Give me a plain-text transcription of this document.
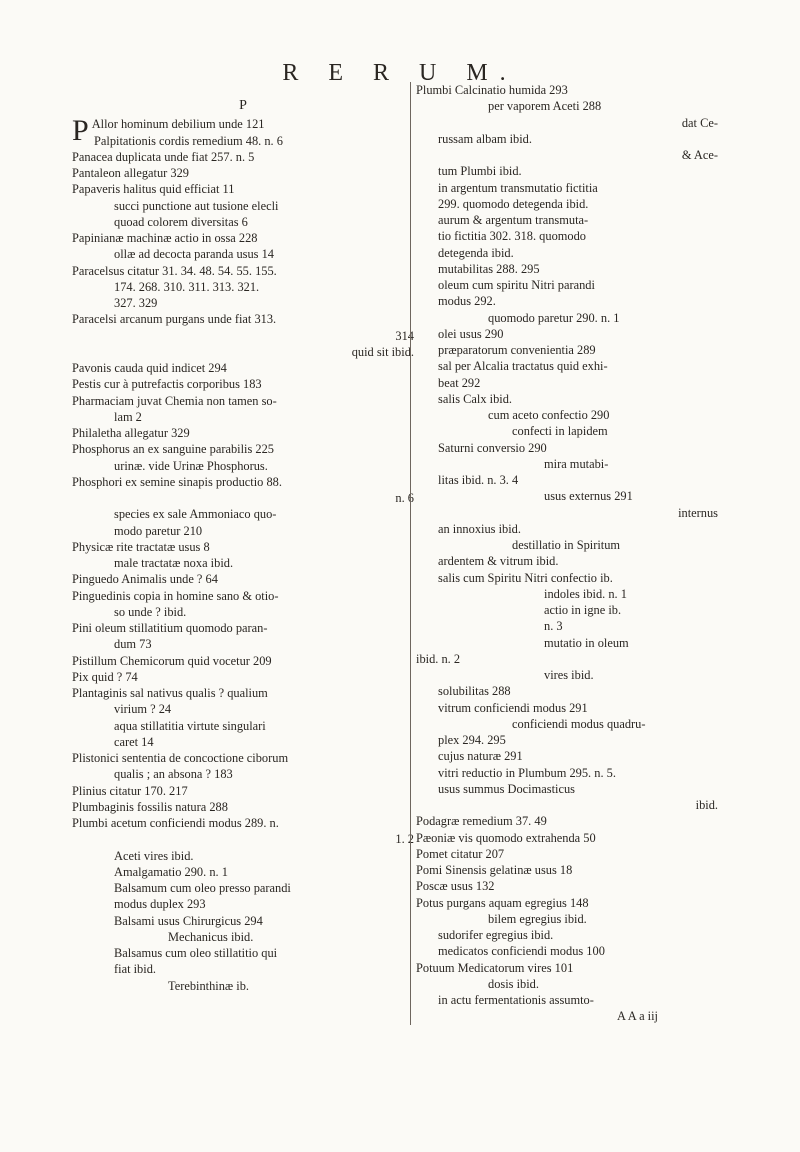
R E R U M.
P
P Allor hominum debilium unde 121
Palpitationis cordis remedium 48. n. 6
Panacea duplicata unde fiat 257. n. 5
Pantaleon allegatur 329
Papaveris halitus quid efficiat 11
succi punctione aut tusione elecli
quoad colorem diversitas 6
Papinianæ machinæ actio in ossa 228
ollæ ad decocta paranda usus 14
Paracelsus citatur 31. 34. 48. 54. 55. 155.
174. 268. 310. 311. 313. 321.
327. 329
Paracelsi arcanum purgans unde fiat 313.
314
quid sit ibid.
Pavonis cauda quid indicet 294
Pestis cur à putrefactis corporibus 183
Pharmaciam juvat Chemia non tamen so-
lam 2
Philaletha allegatur 329
Phosphorus an ex sanguine parabilis 225
urinæ. vide Urinæ Phosphorus.
Phosphori ex semine sinapis productio 88.
n. 6
species ex sale Ammoniaco quo-
modo paretur 210
Physicæ rite tractatæ usus 8
male tractatæ noxa ibid.
Pinguedo Animalis unde ? 64
Pinguedinis copia in homine sano & otio-
so unde ? ibid.
Pini oleum stillatitium quomodo paran-
dum 73
Pistillum Chemicorum quid vocetur 209
Pix quid ? 74
Plantaginis sal nativus qualis ? qualium
virium ? 24
aqua stillatitia virtute singulari
caret 14
Plistonici sententia de concoctione ciborum
qualis ; an absona ? 183
Plinius citatur 170. 217
Plumbaginis fossilis natura 288
Plumbi acetum conficiendi modus 289. n.
1. 2
Aceti vires ibid.
Amalgamatio 290. n. 1
Balsamum cum oleo presso parandi
modus duplex 293
Balsami usus Chirurgicus 294
Mechanicus ibid.
Balsamus cum oleo stillatitio qui
fiat ibid.
Terebinthinæ ib.
Plumbi Calcinatio humida 293
per vaporem Aceti 288
dat Ce-
russam albam ibid.
& Ace-
tum Plumbi ibid.
in argentum transmutatio fictitia
299. quomodo detegenda ibid.
aurum & argentum transmuta-
tio fictitia 302. 318. quomodo
detegenda ibid.
mutabilitas 288. 295
oleum cum spiritu Nitri parandi
modus 292.
quomodo paretur 290. n. 1
olei usus 290
præparatorum convenientia 289
sal per Alcalia tractatus quid exhi-
beat 292
salis Calx ibid.
cum aceto confectio 290
confecti in lapidem
Saturni conversio 290
mira mutabi-
litas ibid. n. 3. 4
usus externus 291
internus
an innoxius ibid.
destillatio in Spiritum
ardentem & vitrum ibid.
salis cum Spiritu Nitri confectio ib.
indoles ibid. n. 1
actio in igne ib.
n. 3
mutatio in oleum
ibid. n. 2
vires ibid.
solubilitas 288
vitrum conficiendi modus 291
conficiendi modus quadru-
plex 294. 295
cujus naturæ 291
vitri reductio in Plumbum 295. n. 5.
usus summus Docimasticus
ibid.
Podagræ remedium 37. 49
Pæoniæ vis quomodo extrahenda 50
Pomet citatur 207
Pomi Sinensis gelatinæ usus 18
Poscæ usus 132
Potus purgans aquam egregius 148
bilem egregius ibid.
sudorifer egregius ibid.
medicatos conficiendi modus 100
Potuum Medicatorum vires 101
dosis ibid.
in actu fermentationis assumto-
A A a iij
